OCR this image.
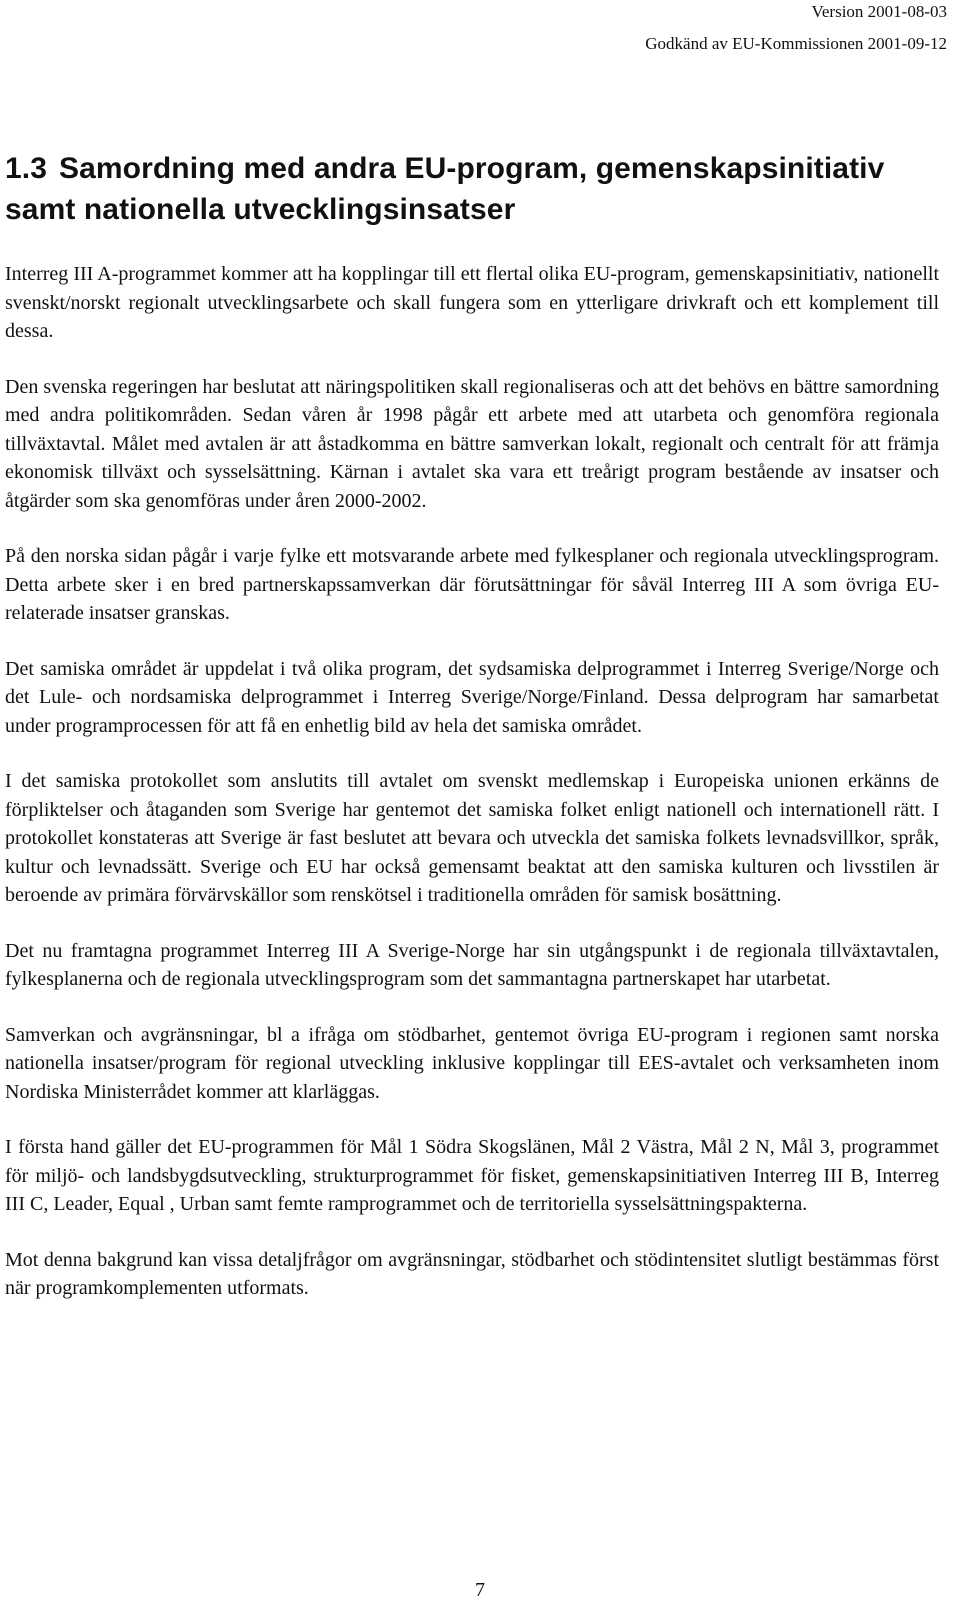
Version 2001-08-03
Godkänd av EU-Kommissionen 2001-09-12
1.3 Samordning med andra EU-program, gemenskapsinitiativ samt nationella utvecklingsinsatser

Interreg III A-programmet kommer att ha kopplingar till ett flertal olika EU-program, gemenskapsinitiativ, nationellt svenskt/norskt regionalt utvecklingsarbete och skall fungera som en ytterligare drivkraft och ett komplement till dessa.

Den svenska regeringen har beslutat att näringspolitiken skall regionaliseras och att det behövs en bättre samordning med andra politikområden. Sedan våren år 1998 pågår ett arbete med att utarbeta och genomföra regionala tillväxtavtal. Målet med avtalen är att åstadkomma en bättre samverkan lokalt, regionalt och centralt för att främja ekonomisk tillväxt och sysselsättning. Kärnan i avtalet ska vara ett treårigt program bestående av insatser och åtgärder som ska genomföras under åren 2000-2002.

På den norska sidan pågår i varje fylke ett motsvarande arbete med fylkesplaner och regionala utvecklingsprogram. Detta arbete sker i en bred partnerskapssamverkan där förutsättningar för såväl Interreg III A som övriga EU-relaterade insatser granskas.

Det samiska området är uppdelat i två olika program, det sydsamiska delprogrammet i Interreg Sverige/Norge och det Lule- och nordsamiska delprogrammet i Interreg Sverige/Norge/Finland. Dessa delprogram har samarbetat under programprocessen för att få en enhetlig bild av hela det samiska området.

I det samiska protokollet som anslutits till avtalet om svenskt medlemskap i Europeiska unionen erkänns de förpliktelser och åtaganden som Sverige har gentemot det samiska folket enligt nationell och internationell rätt. I protokollet konstateras att Sverige är fast beslutet att bevara och utveckla det samiska folkets levnadsvillkor, språk, kultur och levnadssätt. Sverige och EU har också gemensamt beaktat att den samiska kulturen och livsstilen är beroende av primära förvärvskällor som renskötsel i traditionella områden för samisk bosättning.

Det nu framtagna programmet Interreg III A Sverige-Norge har sin utgångspunkt i de regionala tillväxtavtalen, fylkesplanerna och de regionala utvecklingsprogram som det sammantagna partnerskapet har utarbetat.

Samverkan och avgränsningar, bl a ifråga om stödbarhet, gentemot övriga EU-program i regionen samt norska nationella insatser/program för regional utveckling inklusive kopplingar till EES-avtalet och verksamheten inom Nordiska Ministerrådet kommer att klarläggas.

I första hand gäller det EU-programmen för Mål 1 Södra Skogslänen, Mål 2 Västra, Mål 2 N, Mål 3, programmet för miljö- och landsbygdsutveckling, strukturprogrammet för fisket, gemenskapsinitiativen Interreg III B, Interreg III C, Leader, Equal , Urban samt femte ramprogrammet och de territoriella sysselsättningspakterna.

Mot denna bakgrund kan vissa detaljfrågor om avgränsningar, stödbarhet och stödintensitet slutligt bestämmas först när programkomplementen utformats.

7
